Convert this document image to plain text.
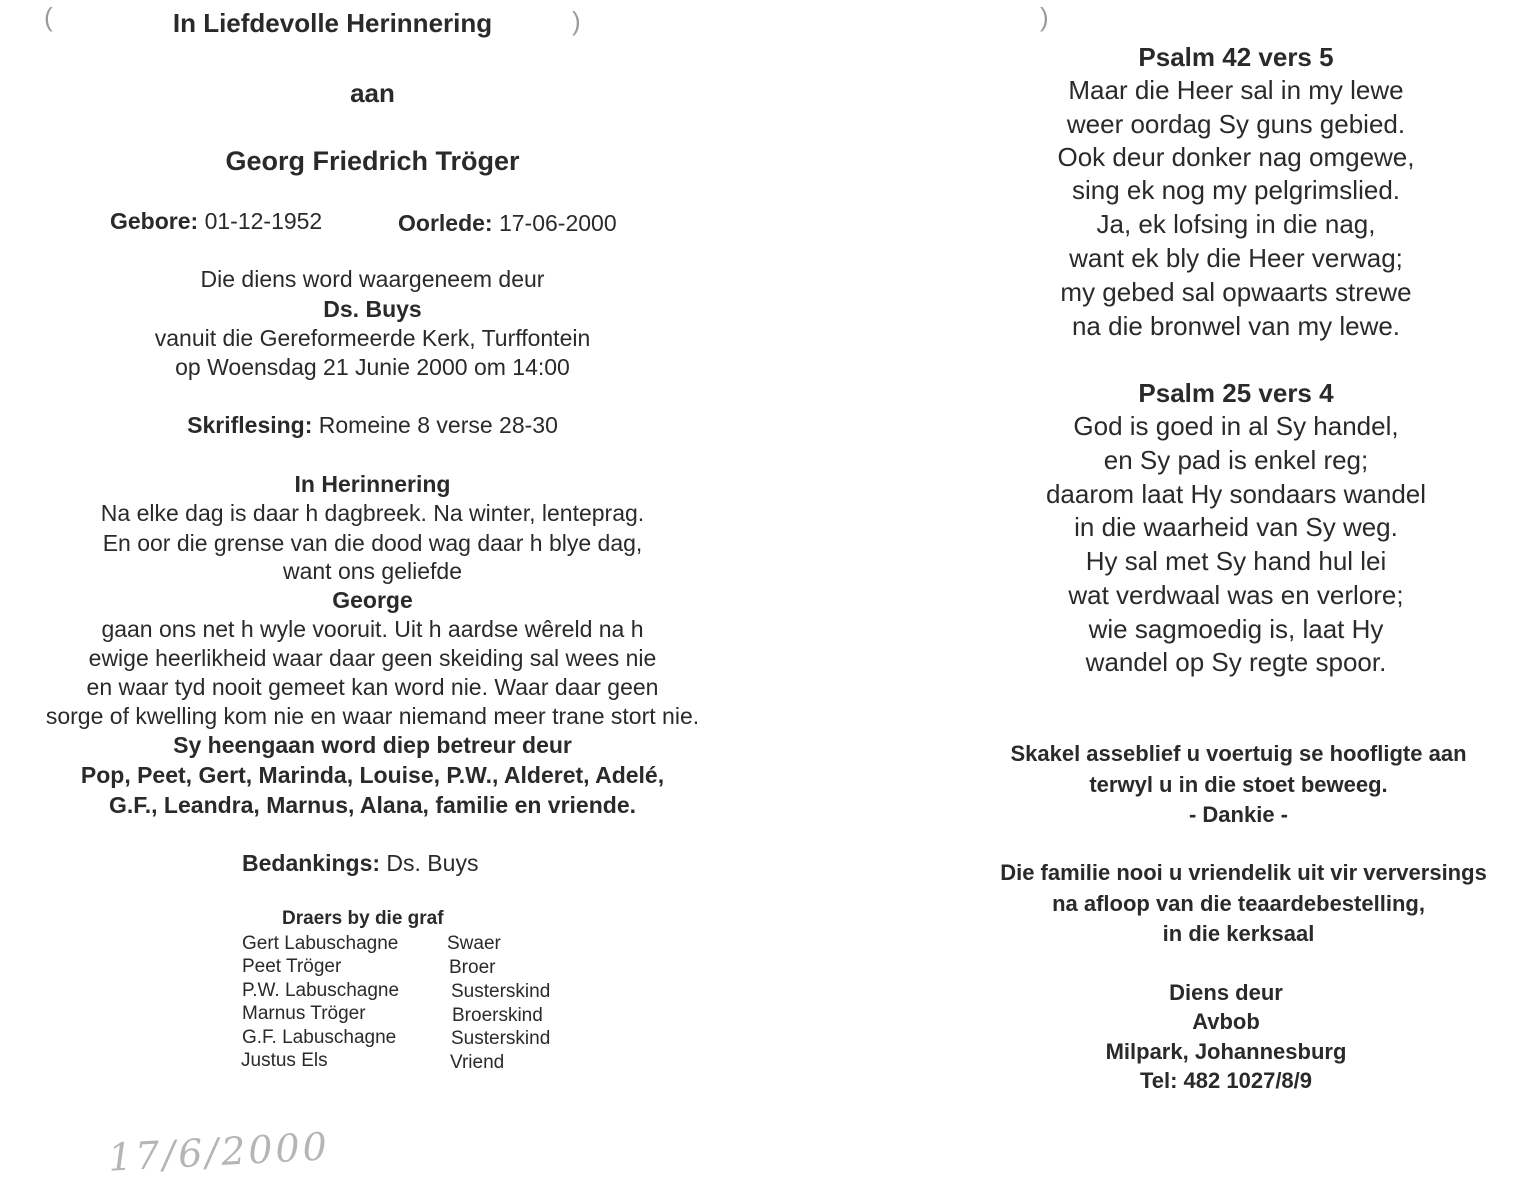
(	)	)
In Liefdevolle Herinnering
aan
Georg Friedrich Tröger
Gebore: 01-12-1952	Oorlede: 17-06-2000
Die diens word waargeneem deur
Ds. Buys
vanuit die Gereformeerde Kerk, Turffontein
op Woensdag 21 Junie 2000 om 14:00
Skriflesing: Romeine 8 verse 28-30
In Herinnering
Na elke dag is daar h dagbreek. Na winter, lenteprag.
En oor die grense van die dood wag daar h blye dag,
want ons geliefde
George
gaan ons net h wyle vooruit. Uit h aardse wêreld na h
ewige heerlikheid waar daar geen skeiding sal wees nie
en waar tyd nooit gemeet kan word nie. Waar daar geen
sorge of kwelling kom nie en waar niemand meer trane stort nie.
Sy heengaan word diep betreur deur
Pop, Peet, Gert, Marinda, Louise, P.W., Alderet, Adelé,
G.F., Leandra, Marnus, Alana, familie en vriende.
Bedankings: Ds. Buys
Draers by die graf
Gert Labuschagne	Swaer
Peet Tröger	Broer
P.W. Labuschagne	Susterskind
Marnus Tröger	Broerskind
G.F. Labuschagne	Susterskind
Justus Els	Vriend
17/6/2000
Psalm 42 vers 5
Maar die Heer sal in my lewe
weer oordag Sy guns gebied.
Ook deur donker nag omgewe,
sing ek nog my pelgrimslied.
Ja, ek lofsing in die nag,
want ek bly die Heer verwag;
my gebed sal opwaarts strewe
na die bronwel van my lewe.
Psalm 25 vers 4
God is goed in al Sy handel,
en Sy pad is enkel reg;
daarom laat Hy sondaars wandel
in die waarheid van Sy weg.
Hy sal met Sy hand hul lei
wat verdwaal was en verlore;
wie sagmoedig is, laat Hy
wandel op Sy regte spoor.
Skakel asseblief u voertuig se hoofligte aan
terwyl u in die stoet beweeg.
- Dankie -
Die familie nooi u vriendelik uit vir verversings
na afloop van die teaardebestelling,
in die kerksaal
Diens deur
Avbob
Milpark, Johannesburg
Tel: 482 1027/8/9
